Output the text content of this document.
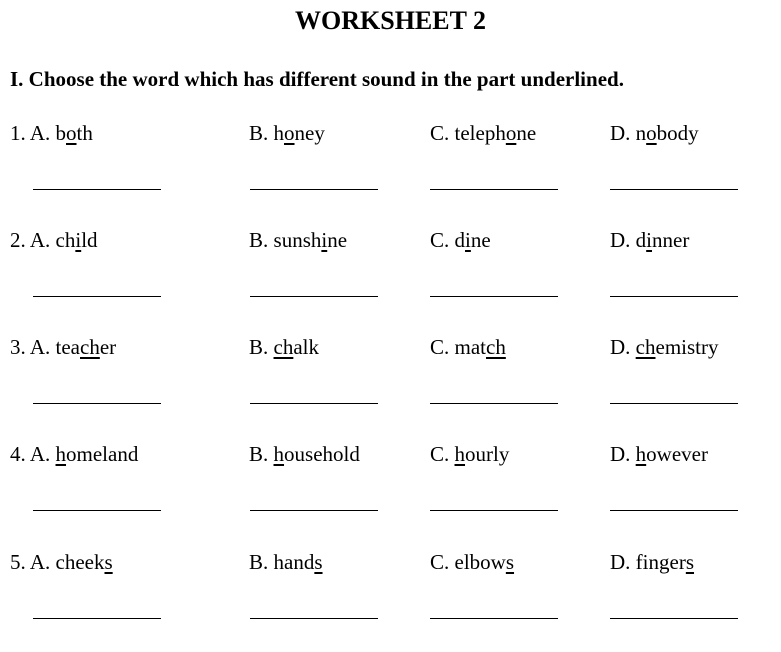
WORKSHEET 2
I. Choose the word which has different sound in the part underlined.
1. A. both	B. honey	C. telephone	D. nobody
2. A. child	B. sunshine	C. dine	D. dinner
3. A. teacher	B. chalk	C. match	D. chemistry
4. A. homeland	B. household	C. hourly	D. however
5. A. cheeks	B. hands	C. elbows	D. fingers
